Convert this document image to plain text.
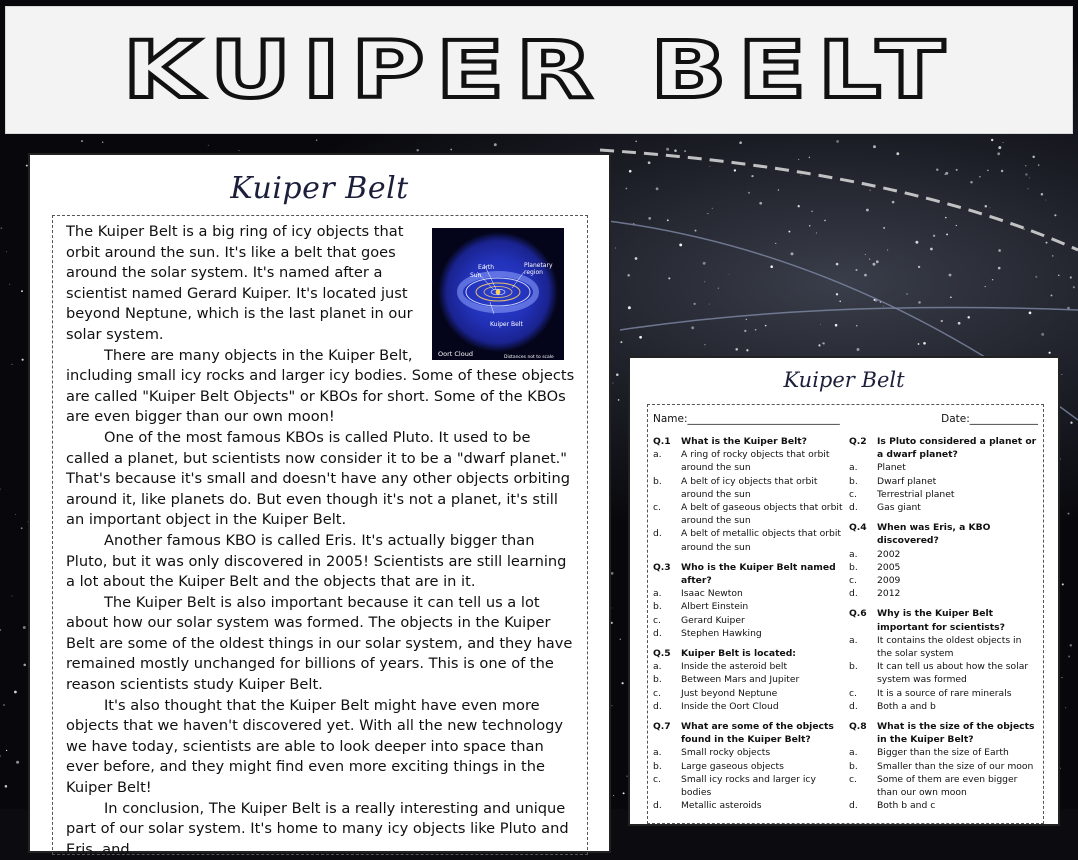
KUIPER BELT
Kuiper Belt
Earth
Sun
Planetary region
Kuiper Belt
Oort Cloud	Distances not to scale

The Kuiper Belt is a big ring of icy objects that orbit around the sun. It's like a belt that goes around the solar system. It's named after a scientist named Gerard Kuiper. It's located just beyond Neptune, which is the last planet in our solar system.

There are many objects in the Kuiper Belt, including small icy rocks and larger icy bodies. Some of these objects are called "Kuiper Belt Objects" or KBOs for short. Some of the KBOs are even bigger than our own moon!

One of the most famous KBOs is called Pluto. It used to be called a planet, but scientists now consider it to be a "dwarf planet." That's because it's small and doesn't have any other objects orbiting around it, like planets do. But even though it's not a planet, it's still an important object in the Kuiper Belt.

Another famous KBO is called Eris. It's actually bigger than Pluto, but it was only discovered in 2005! Scientists are still learning a lot about the Kuiper Belt and the objects that are in it.

The Kuiper Belt is also important because it can tell us a lot about how our solar system was formed. The objects in the Kuiper Belt are some of the oldest things in our solar system, and they have remained mostly unchanged for billions of years. This is one of the reason scientists study Kuiper Belt.

It's also thought that the Kuiper Belt might have even more objects that we haven't discovered yet. With all the new technology we have today, scientists are able to look deeper into space than ever before, and they might find even more exciting things in the Kuiper Belt!

In conclusion, The Kuiper Belt is a really interesting and unique part of our solar system. It's home to many icy objects like Pluto and Eris, and

Kuiper Belt
Name:_____________________________	Date:_____________
Q.1	What is the Kuiper Belt?
a.	A ring of rocky objects that orbit around the sun
b.	A belt of icy objects that orbit around the sun
c.	A belt of gaseous objects that orbit around the sun
d.	A belt of metallic objects that orbit around the sun
Q.3	Who is the Kuiper Belt named after?
a.	Isaac Newton
b.	Albert Einstein
c.	Gerard Kuiper
d.	Stephen Hawking
Q.5	Kuiper Belt is located:
a.	Inside the asteroid belt
b.	Between Mars and Jupiter
c.	Just beyond Neptune
d.	Inside the Oort Cloud
Q.7	What are some of the objects found in the Kuiper Belt?
a.	Small rocky objects
b.	Large gaseous objects
c.	Small icy rocks and larger icy bodies
d.	Metallic asteroids
Q.2	Is Pluto considered a planet or a dwarf planet?
a.	Planet
b.	Dwarf planet
c.	Terrestrial planet
d.	Gas giant
Q.4	When was Eris, a KBO discovered?
a.	2002
b.	2005
c.	2009
d.	2012
Q.6	Why is the Kuiper Belt important for scientists?
a.	It contains the oldest objects in the solar system
b.	It can tell us about how the solar system was formed
c.	It is a source of rare minerals
d.	Both a and b
Q.8	What is the size of the objects in the Kuiper Belt?
a.	Bigger than the size of Earth
b.	Smaller than the size of our moon
c.	Some of them are even bigger than our own moon
d.	Both b and c
